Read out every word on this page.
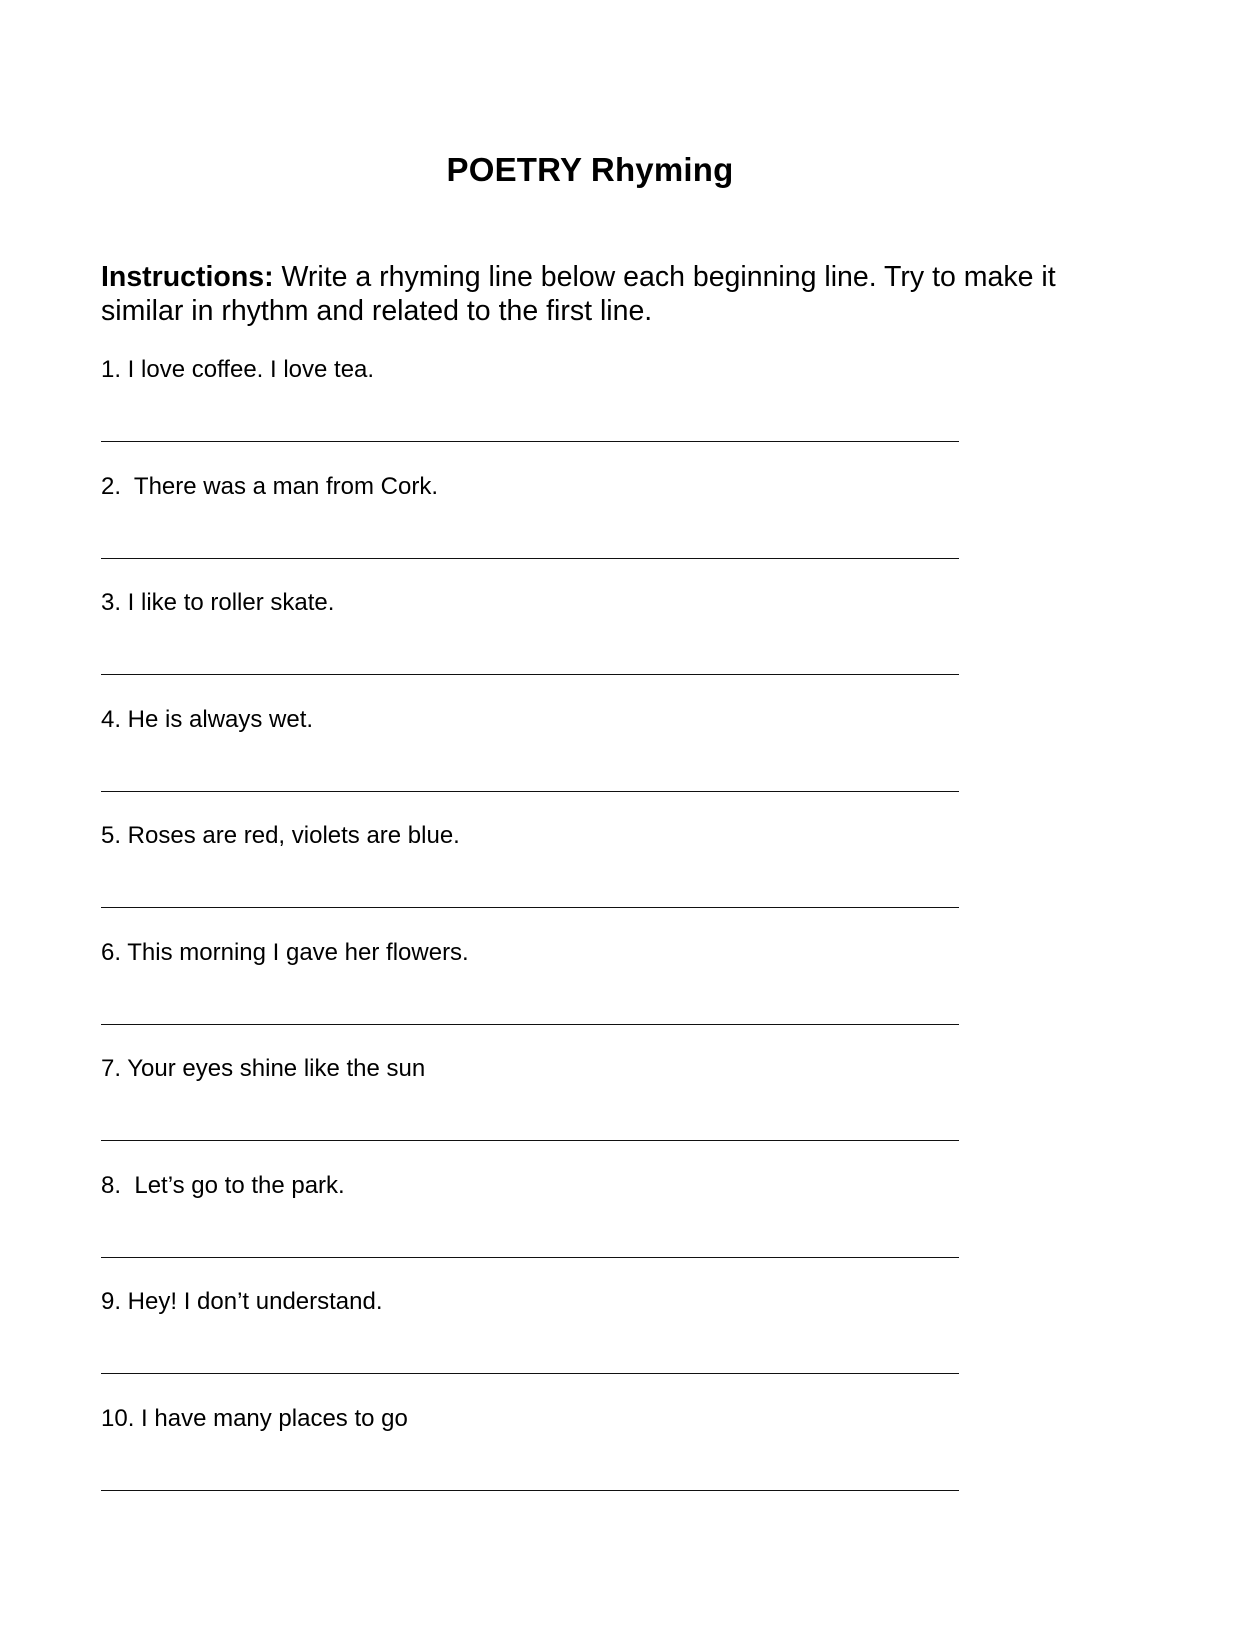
POETRY Rhyming
Instructions: Write a rhyming line below each beginning line. Try to make it similar in rhythm and related to the first line.
1. I love coffee. I love tea.
2.  There was a man from Cork.
3. I like to roller skate.
4. He is always wet.
5. Roses are red, violets are blue.
6. This morning I gave her flowers.
7. Your eyes shine like the sun
8.  Let’s go to the park.
9. Hey! I don’t understand.
10. I have many places to go
